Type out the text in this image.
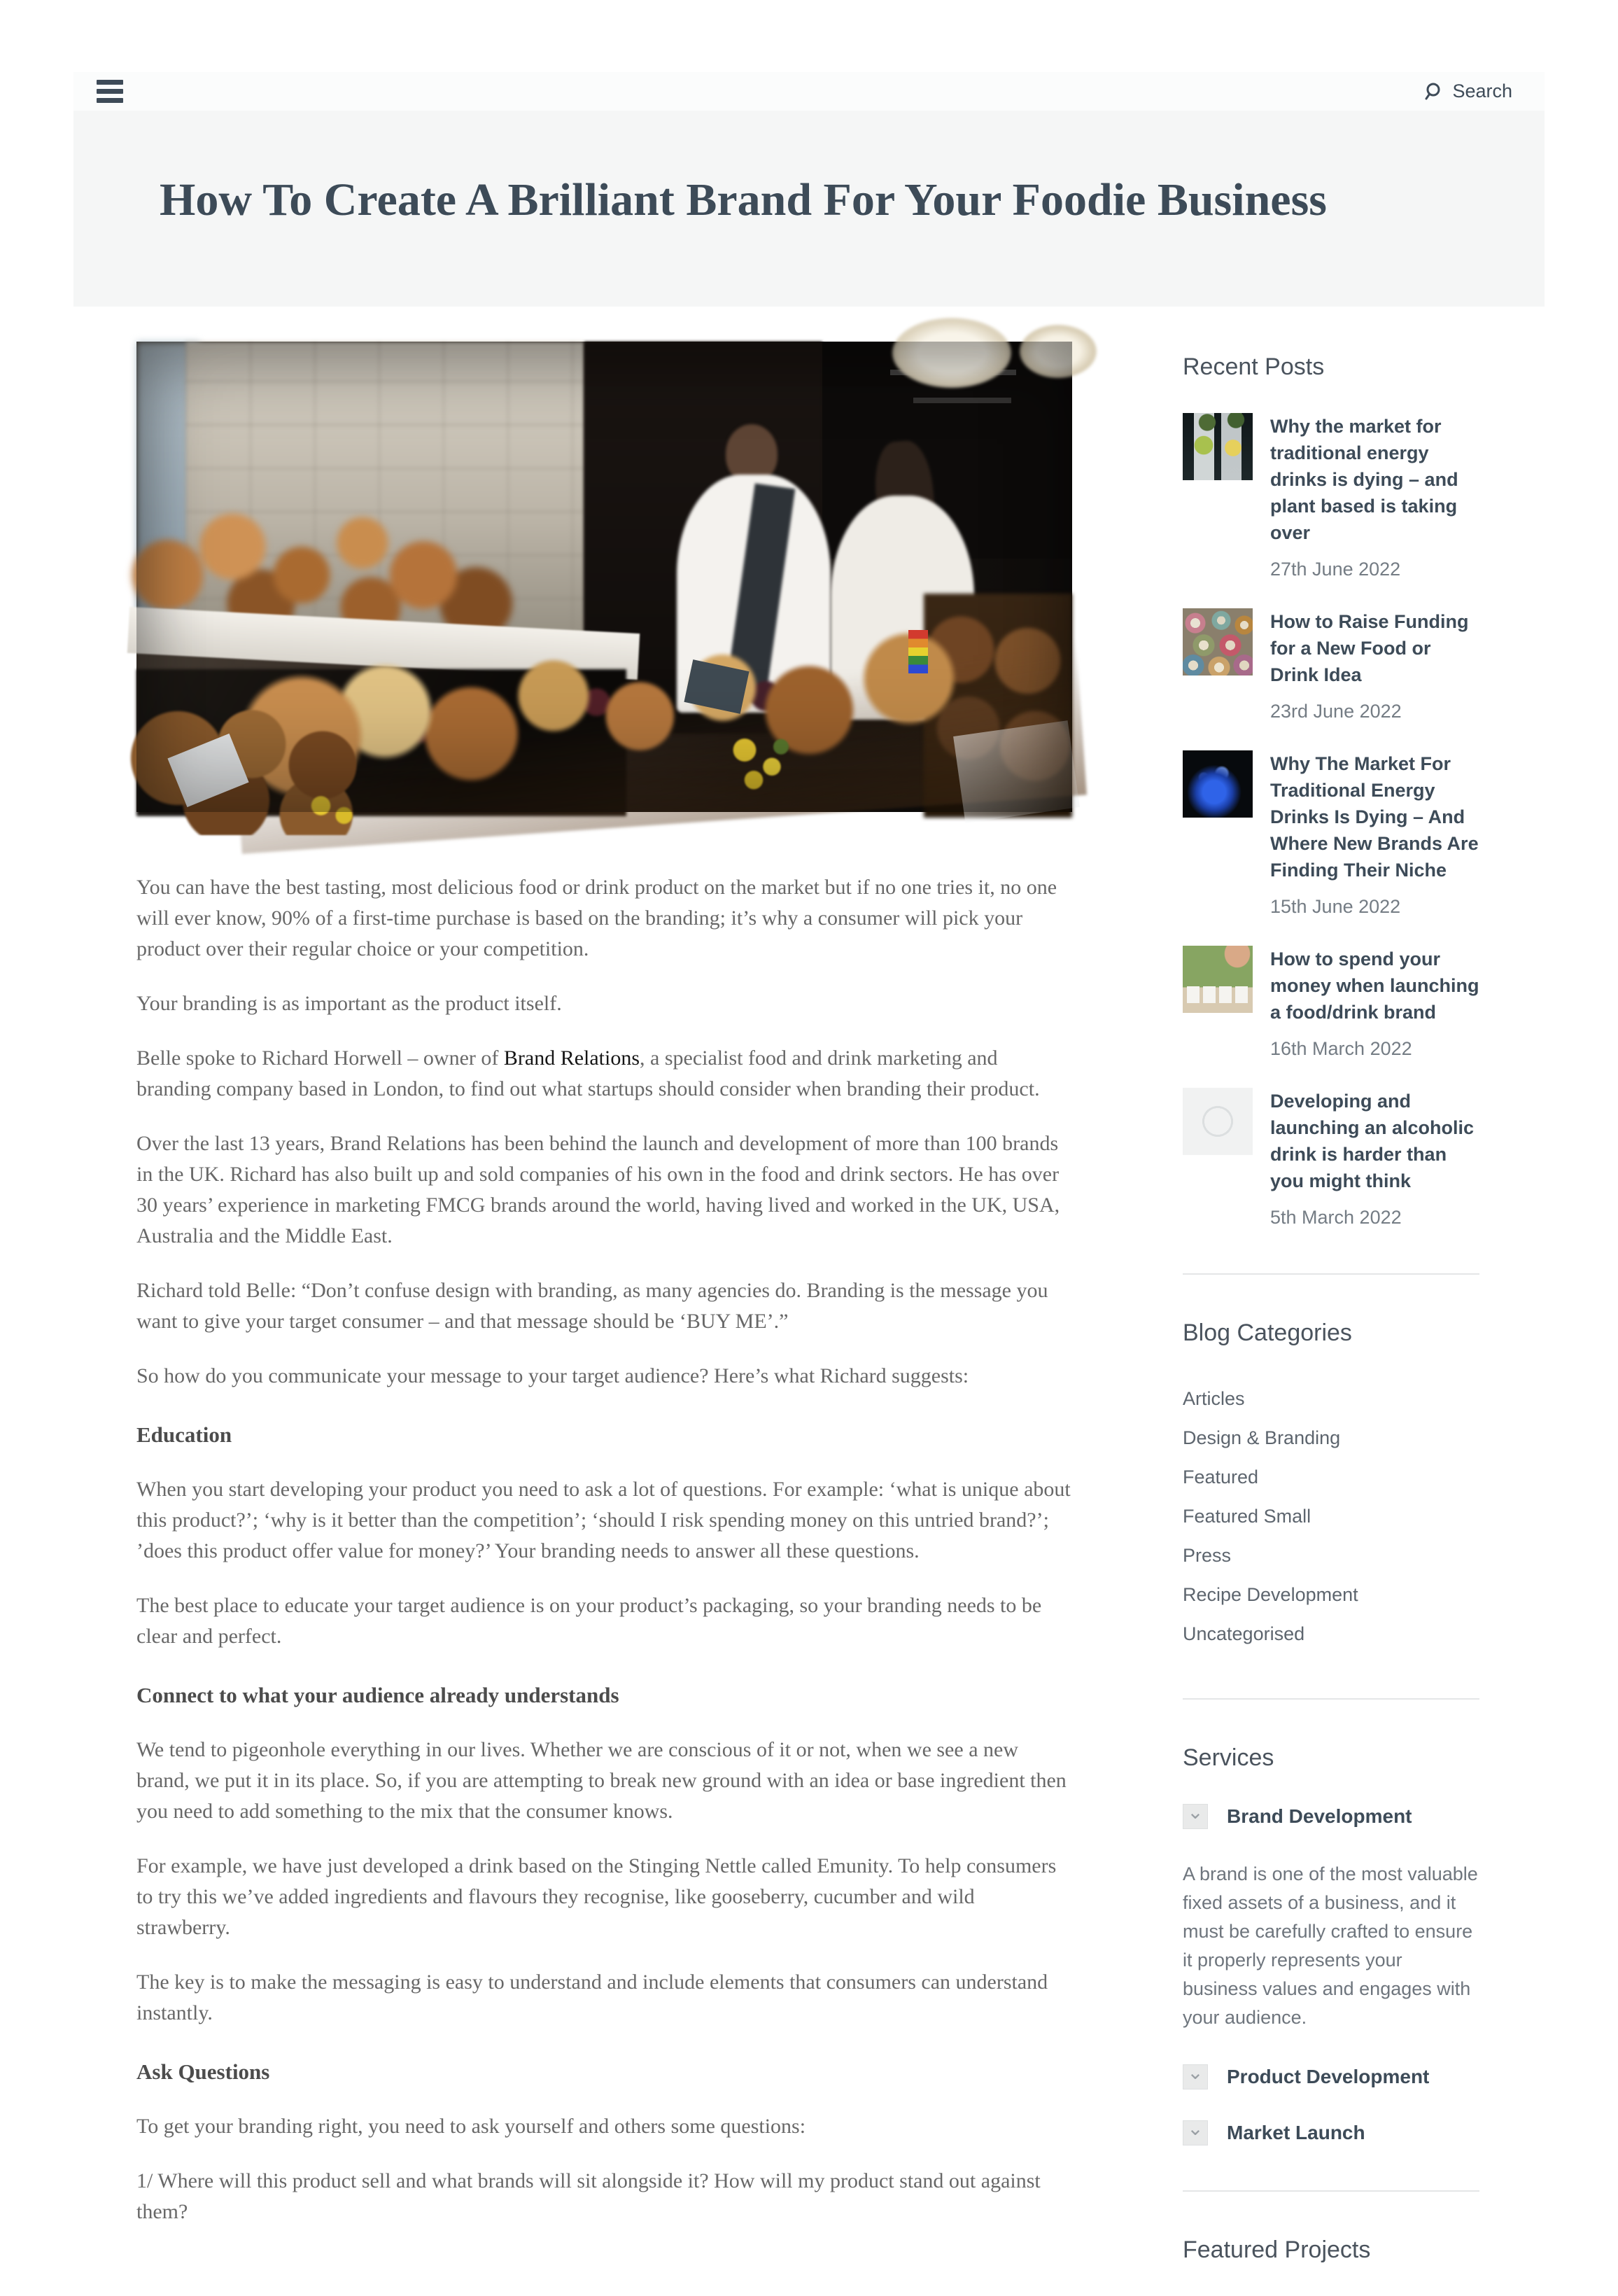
Search
How To Create A Brilliant Brand For Your Foodie Business

You can have the best tasting, most delicious food or drink product on the market but if no one tries it, no one will ever know, 90% of a first-time purchase is based on the branding; it’s why a consumer will pick your product over their regular choice or your competition.

Your branding is as important as the product itself.

Belle spoke to Richard Horwell – owner of Brand Relations, a specialist food and drink marketing and branding company based in London, to find out what startups should consider when branding their product.

Over the last 13 years, Brand Relations has been behind the launch and development of more than 100 brands in the UK. Richard has also built up and sold companies of his own in the food and drink sectors. He has over 30 years’ experience in marketing FMCG brands around the world, having lived and worked in the UK, USA, Australia and the Middle East.

Richard told Belle: “Don’t confuse design with branding, as many agencies do. Branding is the message you want to give your target consumer – and that message should be ‘BUY ME’.”

So how do you communicate your message to your target audience? Here’s what Richard suggests:

Education

When you start developing your product you need to ask a lot of questions. For example: ‘what is unique about this product?’; ‘why is it better than the competition’; ‘should I risk spending money on this untried brand?’; ’does this product offer value for money?’ Your branding needs to answer all these questions.

The best place to educate your target audience is on your product’s packaging, so your branding needs to be clear and perfect.

Connect to what your audience already understands

We tend to pigeonhole everything in our lives. Whether we are conscious of it or not, when we see a new brand, we put it in its place. So, if you are attempting to break new ground with an idea or base ingredient then you need to add something to the mix that the consumer knows.

For example, we have just developed a drink based on the Stinging Nettle called Emunity. To help consumers to try this we’ve added ingredients and flavours they recognise, like gooseberry, cucumber and wild strawberry.

The key is to make the messaging is easy to understand and include elements that consumers can understand instantly.

Ask Questions

To get your branding right, you need to ask yourself and others some questions:

1/ Where will this product sell and what brands will sit alongside it? How will my product stand out against them?

Recent Posts
Why the market for traditional energy drinks is dying – and plant based is taking over
27th June 2022
How to Raise Funding for a New Food or Drink Idea
23rd June 2022
Why The Market For Traditional Energy Drinks Is Dying – And Where New Brands Are Finding Their Niche
15th June 2022
How to spend your money when launching a food/drink brand
16th March 2022
Developing and launching an alcoholic drink is harder than you might think
5th March 2022
Blog Categories
Articles
Design & Branding
Featured
Featured Small
Press
Recipe Development
Uncategorised
Services
⌄ Brand Development
A brand is one of the most valuable fixed assets of a business, and it must be carefully crafted to ensure it properly represents your business values and engages with your audience.
⌄ Product Development
⌄ Market Launch
Featured Projects
